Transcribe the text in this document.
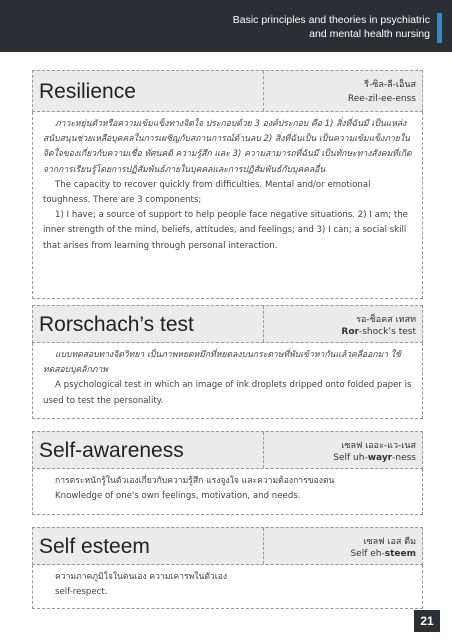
Basic principles and theories in psychiatric
and mental health nursing
Resilience	รี-ซิล-ลี-เอ็นส
Ree-zil-ee-enss

ภาวะหยุ่นตัวหรือความเข้มแข็งทางจิตใจ ประกอบด้วย 3 องค์ประกอบ คือ 1) สิ่งที่ฉันมี เป็นแหล่งสนับสนุนช่วยเหลือบุคคลในการเผชิญกับสถานการณ์ด้านลบ 2) สิ่งที่ฉันเป็น เป็นความเข้มแข็งภายในจิตใจของเกี่ยวกับความเชื่อ ทัศนคติ ความรู้สึก และ 3) ความสามารถที่ฉันมี เป็นทักษะทางสังคมที่เกิดจากการเรียนรู้โดยการปฏิสัมพันธ์ภายในบุคคลและการปฏิสัมพันธ์กับบุคคลอื่น

The capacity to recover quickly from difficulties. Mental and/or emotional toughness. There are 3 components;

1) I have; a source of support to help people face negative situations. 2) I am; the inner strength of the mind, beliefs, attitudes, and feelings; and 3) I can; a social skill that arises from learning through personal interaction.

Rorschach’s test	รอ-ช็อคส เทสท
Ror-shock’s test

แบบทดสอบทางจิตวิทยา เป็นภาพหยดหมึกที่หยดลงบนกระดาษที่พับเข้าหากันแล้วคลี่ออกมา ใช้ทดสอบบุคลิกภาพ

A psychological test in which an image of ink droplets dripped onto folded paper is used to test the personality.

Self-awareness	เซลฟ เออะ-แว-เนส
Self uh-wayr-ness

การตระหนักรู้ในตัวเองเกี่ยวกับความรู้สึก แรงจูงใจ และความต้องการของตน

Knowledge of one's own feelings, motivation, and needs.

Self esteem	เซลฟ เอส ตีม
Self eh-steem

ความภาคภูมิใจในตนเอง ความเคารพในตัวเอง

self-respect.

21
